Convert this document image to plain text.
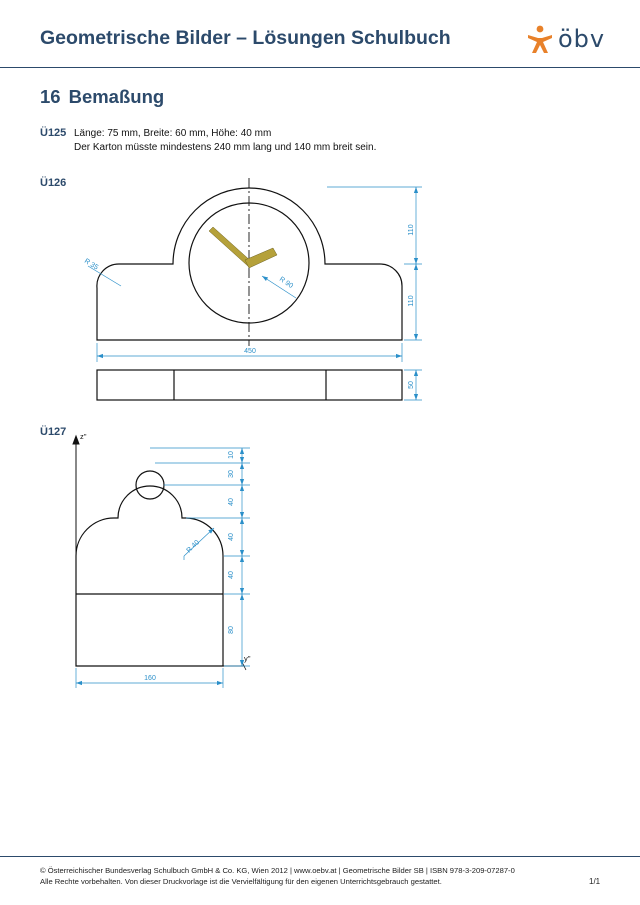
Geometrische Bilder – Lösungen Schulbuch	öbv
16 Bemaßung
Ü125 Länge: 75 mm, Breite: 60 mm, Höhe: 40 mm
Der Karton müsste mindestens 240 mm lang und 140 mm breit sein.
Ü126
Ü127
R 35
R 90
110
110
450
50
z''
y''
10
30
40
40
40
80
R 40
160
© Österreichischer Bundesverlag Schulbuch GmbH & Co. KG, Wien 2012 | www.oebv.at | Geometrische Bilder SB | ISBN 978-3-209-07287-0
Alle Rechte vorbehalten. Von dieser Druckvorlage ist die Vervielfältigung für den eigenen Unterrichtsgebrauch gestattet.	1/1
